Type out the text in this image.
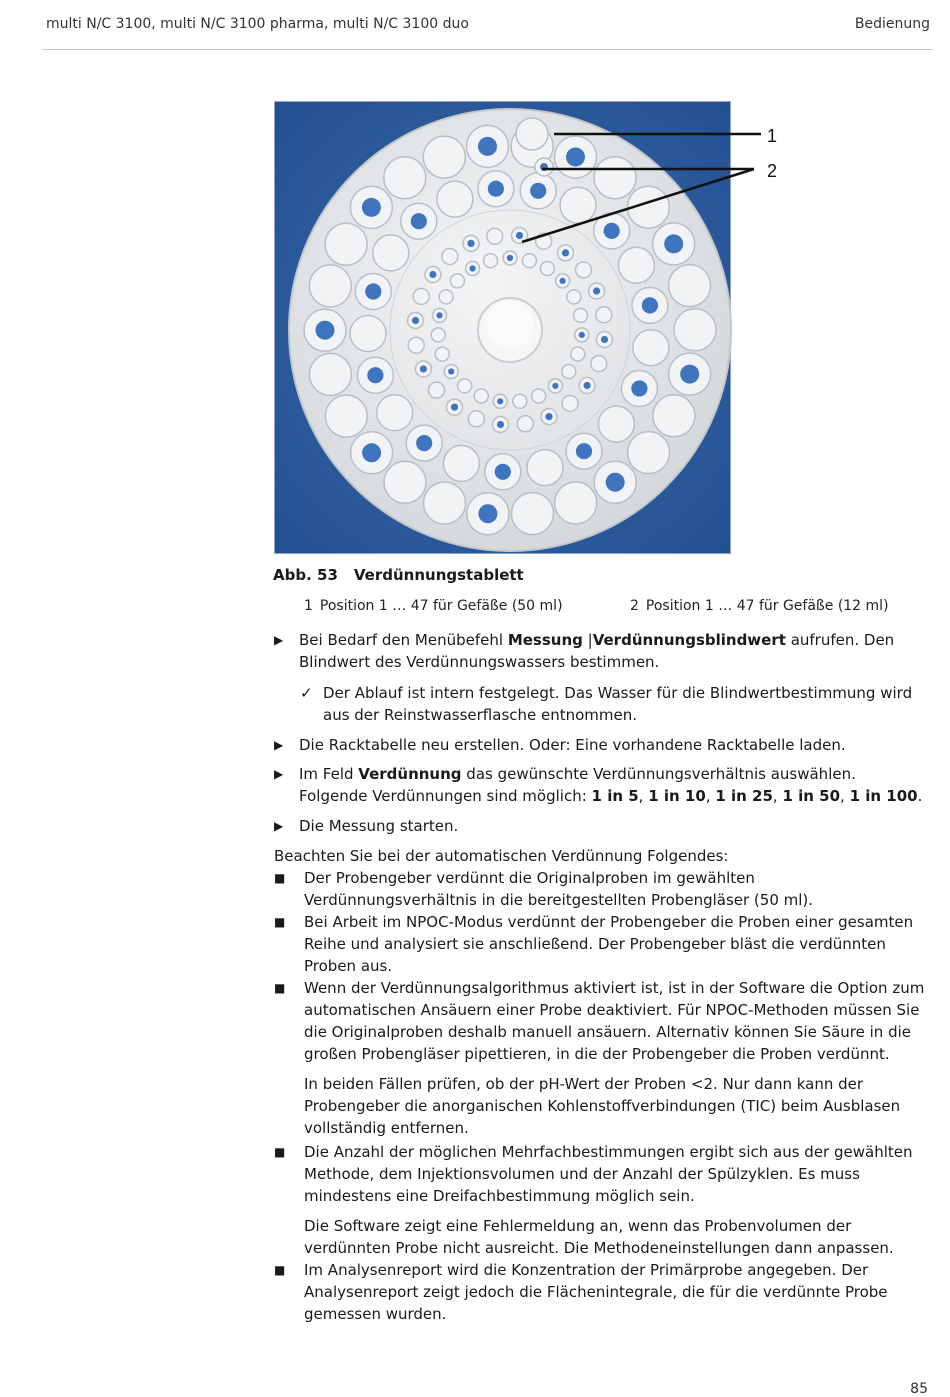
multi N/C 3100, multi N/C 3100 pharma, multi N/C 3100 duo	Bedienung
1
2
Abb. 53 Verdünnungstablett
1 Position 1 … 47 für Gefäße (50 ml)	2 Position 1 … 47 für Gefäße (12 ml)
▶	Bei Bedarf den Menübefehl Messung |Verdünnungsblindwert aufrufen. Den Blindwert des Verdünnungswassers bestimmen.
✓ Der Ablauf ist intern festgelegt. Das Wasser für die Blindwertbestimmung wird aus der Reinstwasserflasche entnommen.
▶	Die Racktabelle neu erstellen. Oder: Eine vorhandene Racktabelle laden.
▶	Im Feld Verdünnung das gewünschte Verdünnungsverhältnis auswählen.
Folgende Verdünnungen sind möglich: 1 in 5, 1 in 10, 1 in 25, 1 in 50, 1 in 100.
▶	Die Messung starten.
Beachten Sie bei der automatischen Verdünnung Folgendes:
■ Der Probengeber verdünnt die Originalproben im gewählten Verdünnungsverhältnis in die bereitgestellten Probengläser (50 ml).
■ Bei Arbeit im NPOC-Modus verdünnt der Probengeber die Proben einer gesamten Reihe und analysiert sie anschließend. Der Probengeber bläst die verdünnten Proben aus.
■ Wenn der Verdünnungsalgorithmus aktiviert ist, ist in der Software die Option zum automatischen Ansäuern einer Probe deaktiviert. Für NPOC-Methoden müssen Sie die Originalproben deshalb manuell ansäuern. Alternativ können Sie Säure in die großen Probengläser pipettieren, in die der Probengeber die Proben verdünnt.
In beiden Fällen prüfen, ob der pH-Wert der Proben <2. Nur dann kann der Probengeber die anorganischen Kohlenstoffverbindungen (TIC) beim Ausblasen vollständig entfernen.
■ Die Anzahl der möglichen Mehrfachbestimmungen ergibt sich aus der gewählten Methode, dem Injektionsvolumen und der Anzahl der Spülzyklen. Es muss mindestens eine Dreifachbestimmung möglich sein.
Die Software zeigt eine Fehlermeldung an, wenn das Probenvolumen der verdünnten Probe nicht ausreicht. Die Methodeneinstellungen dann anpassen.
■ Im Analysenreport wird die Konzentration der Primärprobe angegeben. Der Analysenreport zeigt jedoch die Flächenintegrale, die für die verdünnte Probe gemessen wurden.
85
